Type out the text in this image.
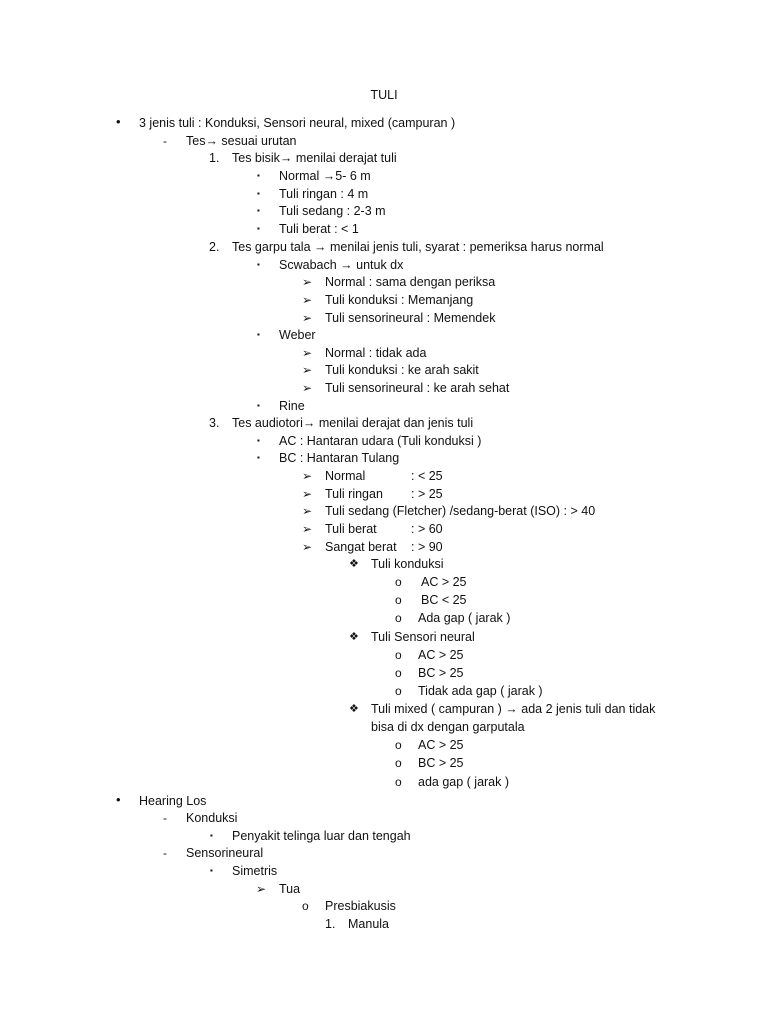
TULI
• 3 jenis tuli : Konduksi, Sensori neural, mixed (campuran )
- Tes→ sesuai urutan
1. Tes bisik→ menilai derajat tuli
▪ Normal →5- 6 m
▪ Tuli ringan : 4 m
▪ Tuli sedang : 2-3 m
▪ Tuli berat : < 1
2. Tes garpu tala → menilai jenis tuli, syarat : pemeriksa harus normal
▪ Scwabach → untuk dx
➢ Normal : sama dengan periksa
➢ Tuli konduksi : Memanjang
➢ Tuli sensorineural : Memendek
▪ Weber
➢ Normal : tidak ada
➢ Tuli konduksi : ke arah sakit
➢ Tuli sensorineural : ke arah sehat
▪ Rine
3. Tes audiotori→ menilai derajat dan jenis tuli
▪ AC : Hantaran udara (Tuli konduksi )
▪ BC : Hantaran Tulang
➢ Normal	: < 25
➢ Tuli ringan : > 25
➢ Tuli sedang (Fletcher) /sedang-berat (ISO) : > 40
➢ Tuli berat	: > 60
➢ Sangat berat : > 90
❖ Tuli konduksi
o AC > 25
o BC < 25
o Ada gap ( jarak )
❖ Tuli Sensori neural
o AC > 25
o BC > 25
o Tidak ada gap ( jarak )
❖ Tuli mixed ( campuran ) → ada 2 jenis tuli dan tidak
bisa di dx dengan garputala
o AC > 25
o BC > 25
o ada gap ( jarak )
• Hearing Los
- Konduksi
▪ Penyakit telinga luar dan tengah
- Sensorineural
▪ Simetris
➢ Tua
o Presbiakusis
1. Manula
